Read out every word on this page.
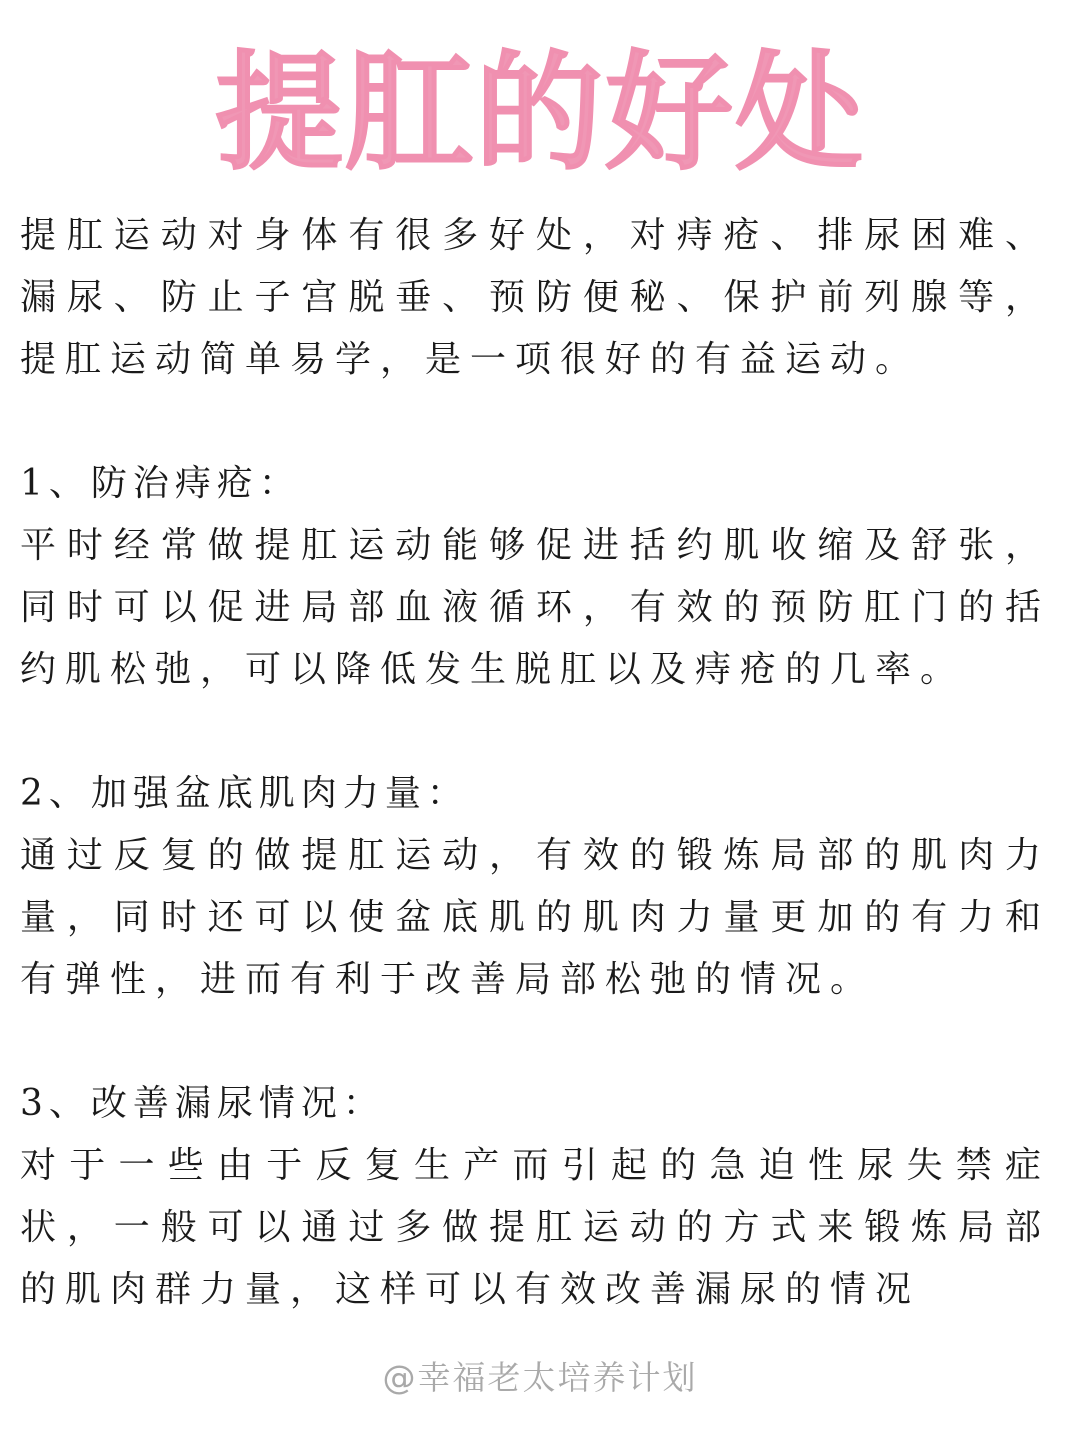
提肛的好处

提肛运动对身体有很多好处，对痔疮、排尿困难、漏尿、防止子宫脱垂、预防便秘、保护前列腺等，提肛运动简单易学，是一项很好的有益运动。

1、防治痔疮：

平时经常做提肛运动能够促进括约肌收缩及舒张，同时可以促进局部血液循环，有效的预防肛门的括约肌松弛，可以降低发生脱肛以及痔疮的几率。

2、加强盆底肌肉力量：

通过反复的做提肛运动，有效的锻炼局部的肌肉力量，同时还可以使盆底肌的肌肉力量更加的有力和有弹性，进而有利于改善局部松弛的情况。

3、改善漏尿情况：

对于一些由于反复生产而引起的急迫性尿失禁症状，一般可以通过多做提肛运动的方式来锻炼局部的肌肉群力量，这样可以有效改善漏尿的情况

@幸福老太培养计划
